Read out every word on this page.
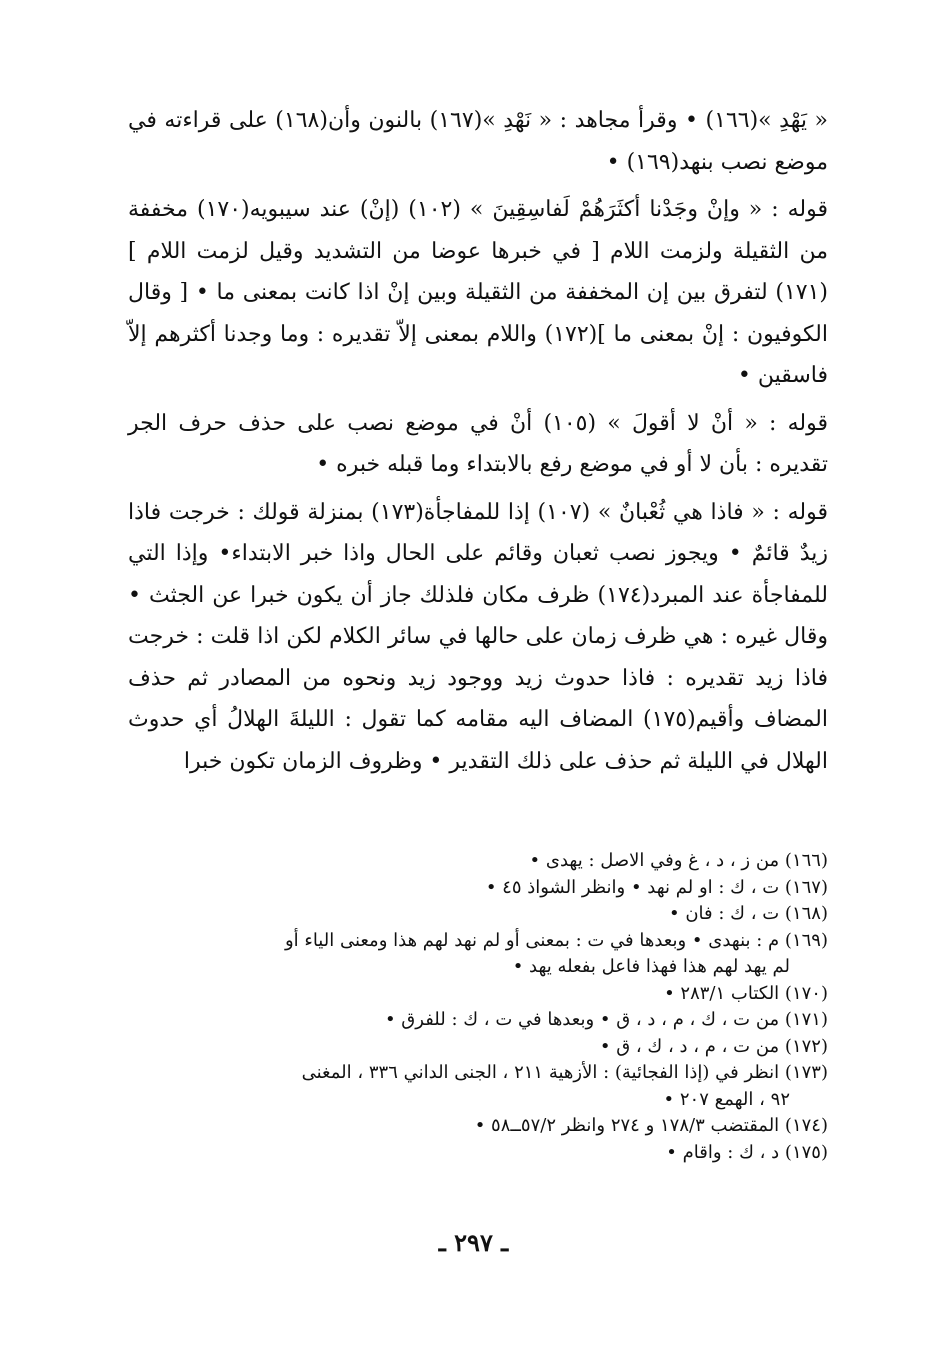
« يَهْدِ »(١٦٦) • وقرأ مجاهد : « نَهْدِ »(١٦٧) بالنون وأن(١٦٨) على قراءته في موضع نصب بنهد(١٦٩) •

قوله : « وإنْ وجَدْنا أكثَرَهُمْ لَفاسِقِينَ » (١٠٢) (إنْ) عند سيبويه(١٧٠) مخففة من الثقيلة ولزمت اللام [ في خبرها عوضا من التشديد وقيل لزمت اللام ](١٧١) لتفرق بين إن المخففة من الثقيلة وبين إنْ اذا كانت بمعنى ما • [ وقال الكوفيون : إنْ بمعنى ما ](١٧٢) واللام بمعنى إلاّ تقديره : وما وجدنا أكثرهم إلاّ فاسقين •

قوله : « أنْ لا أقولَ » (١٠٥) أنْ في موضع نصب على حذف حرف الجر تقديره : بأن لا أو في موضع رفع بالابتداء وما قبله خبره •

قوله : « فاذا هي ثُعْبانٌ » (١٠٧) إذا للمفاجأة(١٧٣) بمنزلة قولك : خرجت فاذا زيدٌ قائمٌ • ويجوز نصب ثعبان وقائم على الحال واذا خبر الابتداء• وإذا التي للمفاجأة عند المبرد(١٧٤) ظرف مكان فلذلك جاز أن يكون خبرا عن الجثث • وقال غيره : هي ظرف زمان على حالها في سائر الكلام لكن اذا قلت : خرجت فاذا زيد تقديره : فاذا حدوث زيد ووجود زيد ونحوه من المصادر ثم حذف المضاف وأقيم(١٧٥) المضاف اليه مقامه كما تقول : الليلةَ الهلالُ أي حدوث الهلال في الليلة ثم حذف على ذلك التقدير • وظروف الزمان تكون خبرا

(١٦٦) من ز ، د ، غ وفي الاصل : يهدى •

(١٦٧) ت ، ك : او لم نهد • وانظر الشواذ ٤٥ •

(١٦٨) ت ، ك : فان •

(١٦٩) م : بنهدى • وبعدها في ت : بمعنى أو لم نهد لهم هذا ومعنى الياء أو

لم يهد لهم هذا فهذا فاعل بفعله يهد •

(١٧٠) الكتاب ٢٨٣/١ •

(١٧١) من ت ، ك ، م ، د ، ق • وبعدها في ت ، ك : للفرق •

(١٧٢) من ت ، م ، د ، ك ، ق •

(١٧٣) انظر في (إذا الفجائية) : الأزهية ٢١١ ، الجنى الداني ٣٣٦ ، المغنى

٩٢ ، الهمع ٢٠٧ •

(١٧٤) المقتضب ١٧٨/٣ و ٢٧٤ وانظر ٥٧/٢ــ٥٨ •

(١٧٥) د ، ك : واقام •

ـ ٢٩٧ ـ
